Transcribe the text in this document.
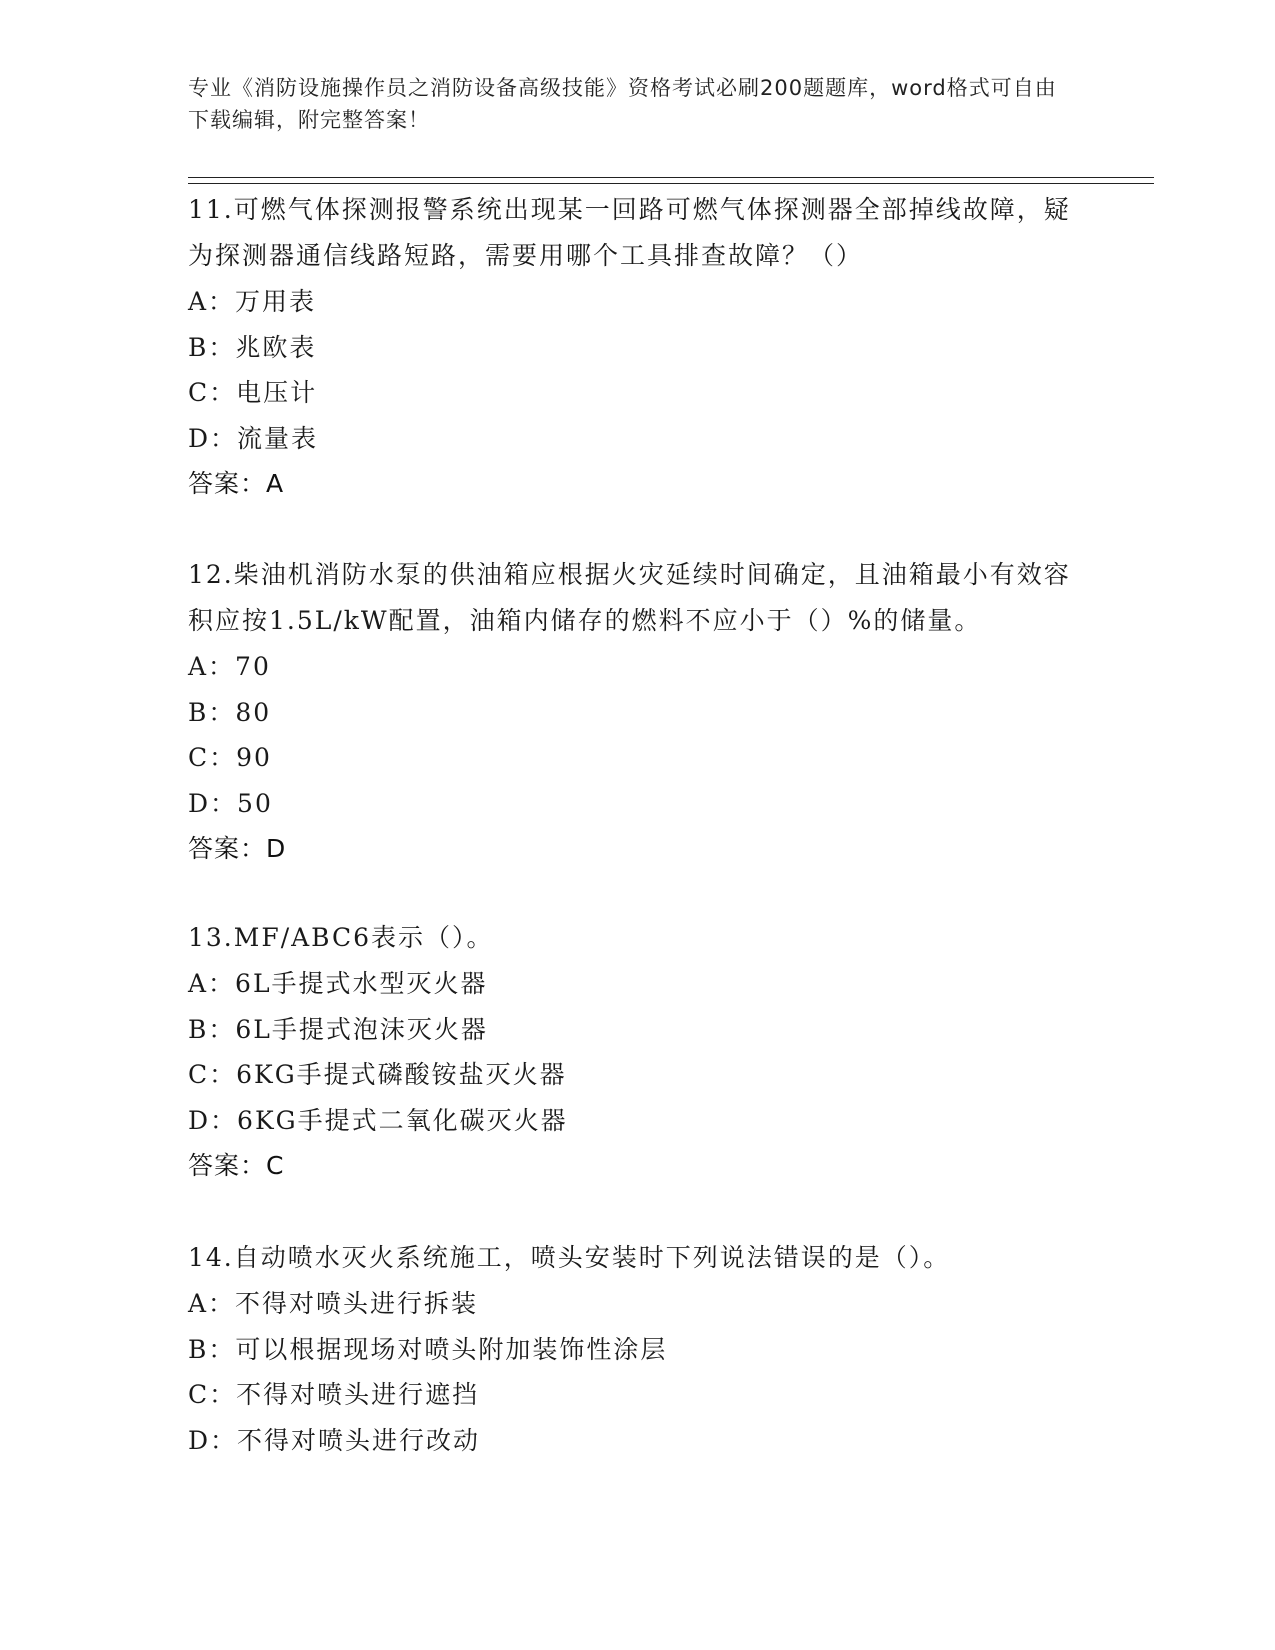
专业《消防设施操作员之消防设备高级技能》资格考试必刷200题题库，word格式可自由下载编辑，附完整答案！
11.可燃气体探测报警系统出现某一回路可燃气体探测器全部掉线故障，疑为探测器通信线路短路，需要用哪个工具排查故障？（）
A：万用表
B：兆欧表
C：电压计
D：流量表
答案：A
12.柴油机消防水泵的供油箱应根据火灾延续时间确定，且油箱最小有效容积应按1.5L/kW配置，油箱内储存的燃料不应小于（）%的储量。
A：70
B：80
C：90
D：50
答案：D
13.MF/ABC6表示（）。
A：6L手提式水型灭火器
B：6L手提式泡沫灭火器
C：6KG手提式磷酸铵盐灭火器
D：6KG手提式二氧化碳灭火器
答案：C
14.自动喷水灭火系统施工，喷头安装时下列说法错误的是（）。
A：不得对喷头进行拆装
B：可以根据现场对喷头附加装饰性涂层
C：不得对喷头进行遮挡
D：不得对喷头进行改动
